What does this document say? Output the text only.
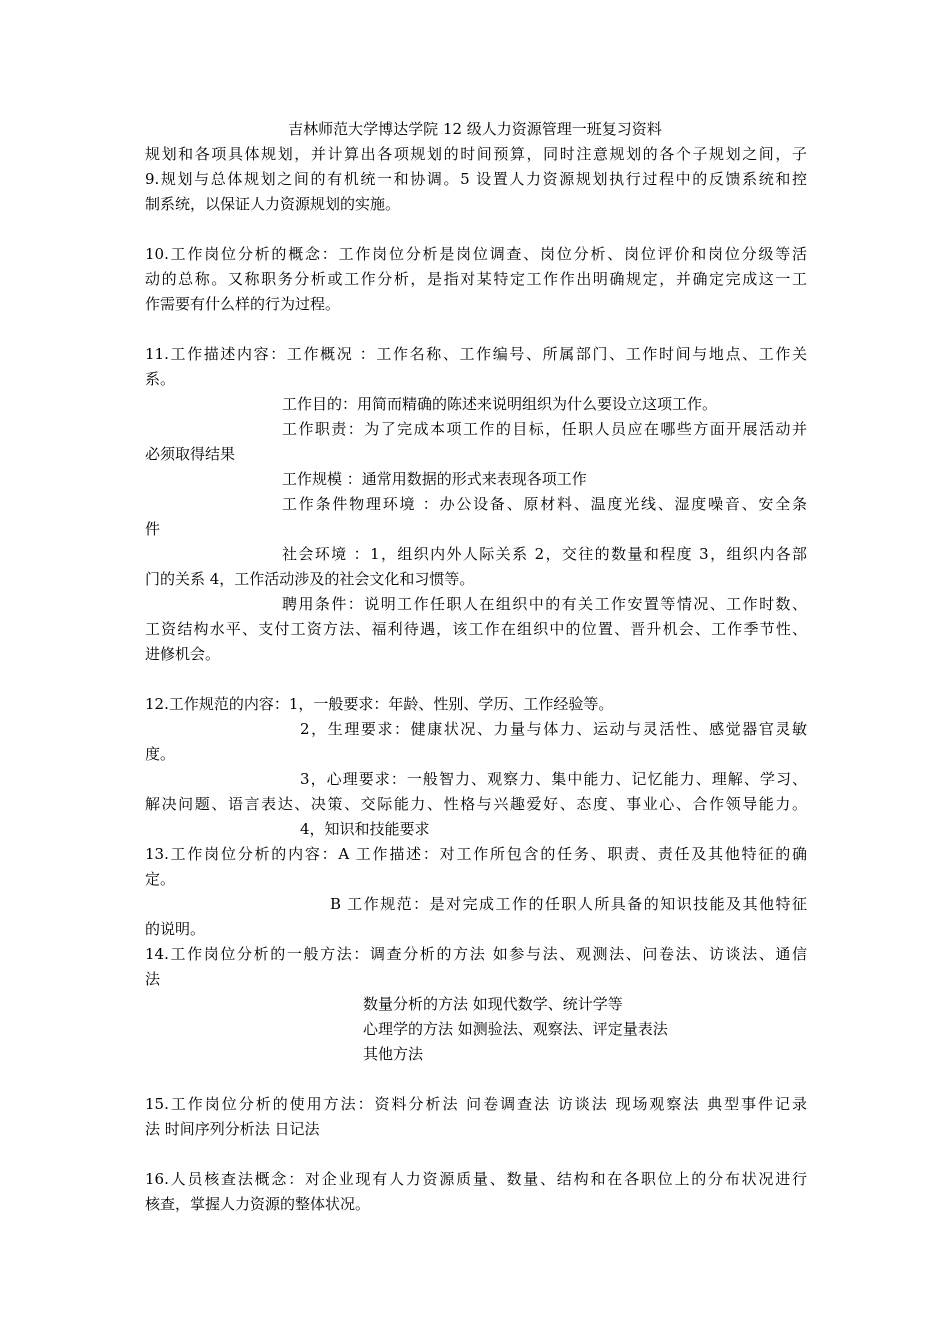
吉林师范大学博达学院 12 级人力资源管理一班复习资料
规划和各项具体规划，并计算出各项规划的时间预算，同时注意规划的各个子规划之间，子
9.规划与总体规划之间的有机统一和协调。5 设置人力资源规划执行过程中的反馈系统和控
制系统，以保证人力资源规划的实施。
10.工作岗位分析的概念：工作岗位分析是岗位调查、岗位分析、岗位评价和岗位分级等活
动的总称。又称职务分析或工作分析，是指对某特定工作作出明确规定，并确定完成这一工
作需要有什么样的行为过程。
11.工作描述内容：工作概况 ：工作名称、工作编号、所属部门、工作时间与地点、工作关
系。
工作目的：用简而精确的陈述来说明组织为什么要设立这项工作。
工作职责：为了完成本项工作的目标，任职人员应在哪些方面开展活动并
必须取得结果
工作规模 ：通常用数据的形式来表现各项工作
工作条件物理环境 ：办公设备、原材料、温度光线、湿度噪音、安全条
件
社会环境 ：1，组织内外人际关系 2，交往的数量和程度 3，组织内各部
门的关系 4，工作活动涉及的社会文化和习惯等。
聘用条件：说明工作任职人在组织中的有关工作安置等情况、工作时数、
工资结构水平、支付工资方法、福利待遇，该工作在组织中的位置、晋升机会、工作季节性、
进修机会。
12.工作规范的内容：1，一般要求：年龄、性别、学历、工作经验等。
2，生理要求：健康状况、力量与体力、运动与灵活性、感觉器官灵敏
度。
3，心理要求：一般智力、观察力、集中能力、记忆能力、理解、学习、
解决问题、语言表达、决策、交际能力、性格与兴趣爱好、态度、事业心、合作领导能力。
4，知识和技能要求
13.工作岗位分析的内容：A 工作描述：对工作所包含的任务、职责、责任及其他特征的确
定。
B 工作规范：是对完成工作的任职人所具备的知识技能及其他特征
的说明。
14.工作岗位分析的一般方法：调查分析的方法 如参与法、观测法、问卷法、访谈法、通信
法
数量分析的方法 如现代数学、统计学等
心理学的方法 如测验法、观察法、评定量表法
其他方法
15.工作岗位分析的使用方法：资料分析法 问卷调查法 访谈法 现场观察法 典型事件记录
法 时间序列分析法 日记法
16.人员核查法概念：对企业现有人力资源质量、数量、结构和在各职位上的分布状况进行
核查，掌握人力资源的整体状况。
